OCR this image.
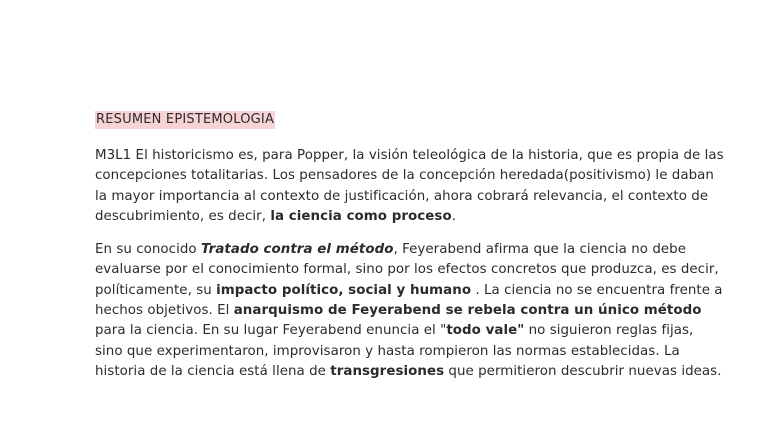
RESUMEN EPISTEMOLOGIA

M3L1 El historicismo es, para Popper, la visión teleológica de la historia, que es propia de las concepciones totalitarias. Los pensadores de la concepción heredada(positivismo) le daban la mayor importancia al contexto de justificación, ahora cobrará relevancia, el contexto de descubrimiento, es decir, la ciencia como proceso.

En su conocido Tratado contra el método, Feyerabend afirma que la ciencia no debe evaluarse por el conocimiento formal, sino por los efectos concretos que produzca, es decir, políticamente, su impacto político, social y humano . La ciencia no se encuentra frente a hechos objetivos. El anarquismo de Feyerabend se rebela contra un único método para la ciencia. En su lugar Feyerabend enuncia el "todo vale" no siguieron reglas fijas, sino que experimentaron, improvisaron y hasta rompieron las normas establecidas. La historia de la ciencia está llena de transgresiones que permitieron descubrir nuevas ideas.
